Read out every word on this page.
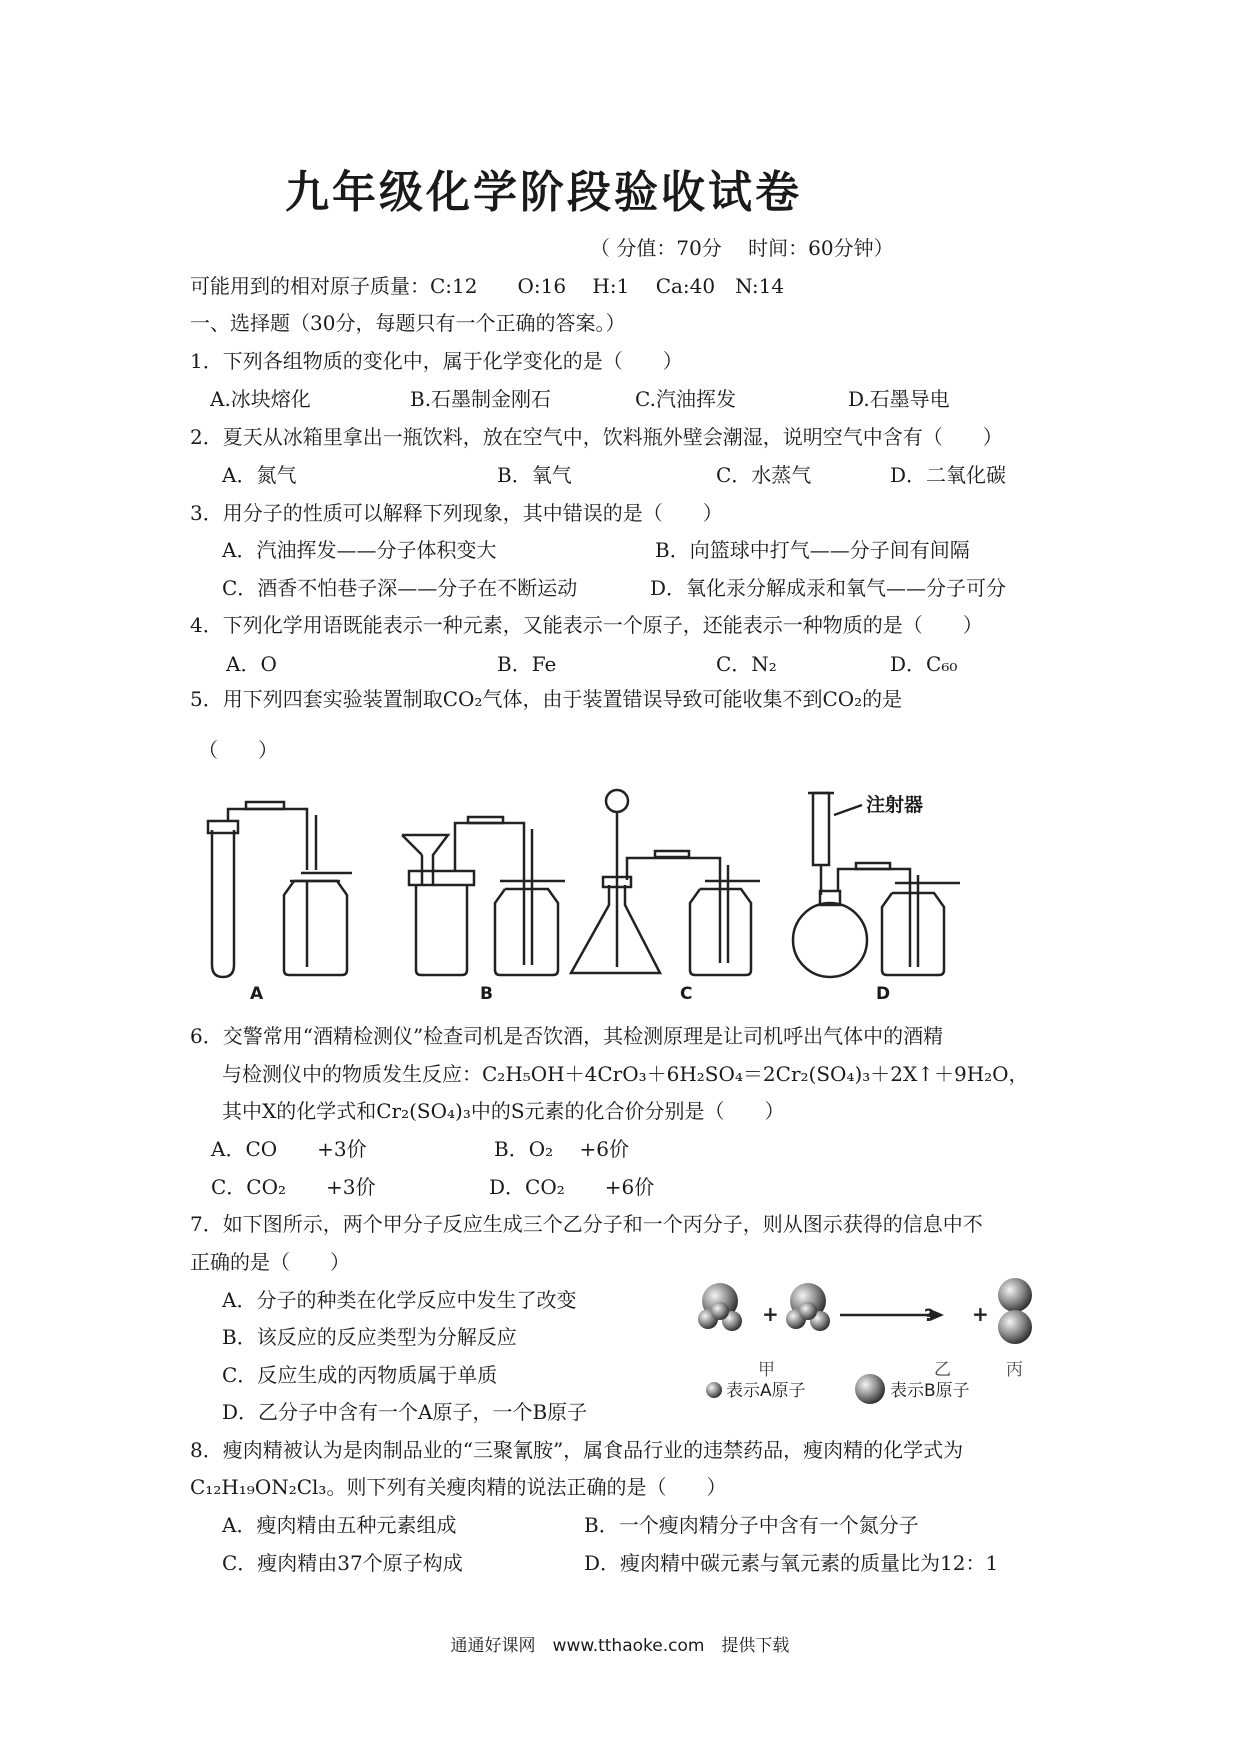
九年级化学阶段验收试卷
（ 分值：70分　 时间：60分钟）
可能用到的相对原子质量：C:12　　O:16　 H:1　 Ca:40　N:14
一、选择题（30分，每题只有一个正确的答案。）
1．下列各组物质的变化中，属于化学变化的是（　　）
A.冰块熔化	B.石墨制金刚石	C.汽油挥发	D.石墨导电
2．夏天从冰箱里拿出一瓶饮料，放在空气中，饮料瓶外壁会潮湿，说明空气中含有（　　）
A．氮气	B．氧气	C．水蒸气	D．二氧化碳
3．用分子的性质可以解释下列现象，其中错误的是（　　）
A．汽油挥发——分子体积变大	B．向篮球中打气——分子间有间隔
C．酒香不怕巷子深——分子在不断运动	D．氧化汞分解成汞和氧气——分子可分
4．下列化学用语既能表示一种元素，又能表示一个原子，还能表示一种物质的是（　　）
A．O	B．Fe	C．N₂	D．C₆₀
5．用下列四套实验装置制取CO₂气体，由于装置错误导致可能收集不到CO₂的是
（　　）
注射器
A	B	C	D
6．交警常用“酒精检测仪”检查司机是否饮酒，其检测原理是让司机呼出气体中的酒精
与检测仪中的物质发生反应：C₂H₅OH＋4CrO₃＋6H₂SO₄＝2Cr₂(SO₄)₃＋2X↑＋9H₂O，
其中X的化学式和Cr₂(SO₄)₃中的S元素的化合价分别是（　　）
A．CO　　+3价	B．O₂　 +6价
C．CO₂　　+3价	D．CO₂　　+6价
7．如下图所示，两个甲分子反应生成三个乙分子和一个丙分子，则从图示获得的信息中不
正确的是（　　）
A．分子的种类在化学反应中发生了改变
B．该反应的反应类型为分解反应
C．反应生成的丙物质属于单质
D．乙分子中含有一个A原子，一个B原子
+	? +
甲	乙	丙
表示A原子	表示B原子
8．瘦肉精被认为是肉制品业的“三聚氰胺”，属食品行业的违禁药品，瘦肉精的化学式为
C₁₂H₁₉ON₂Cl₃。则下列有关瘦肉精的说法正确的是（　　）
A．瘦肉精由五种元素组成	B．一个瘦肉精分子中含有一个氮分子
C．瘦肉精由37个原子构成	D．瘦肉精中碳元素与氧元素的质量比为12：1
通通好课网　www.tthaoke.com　提供下载
